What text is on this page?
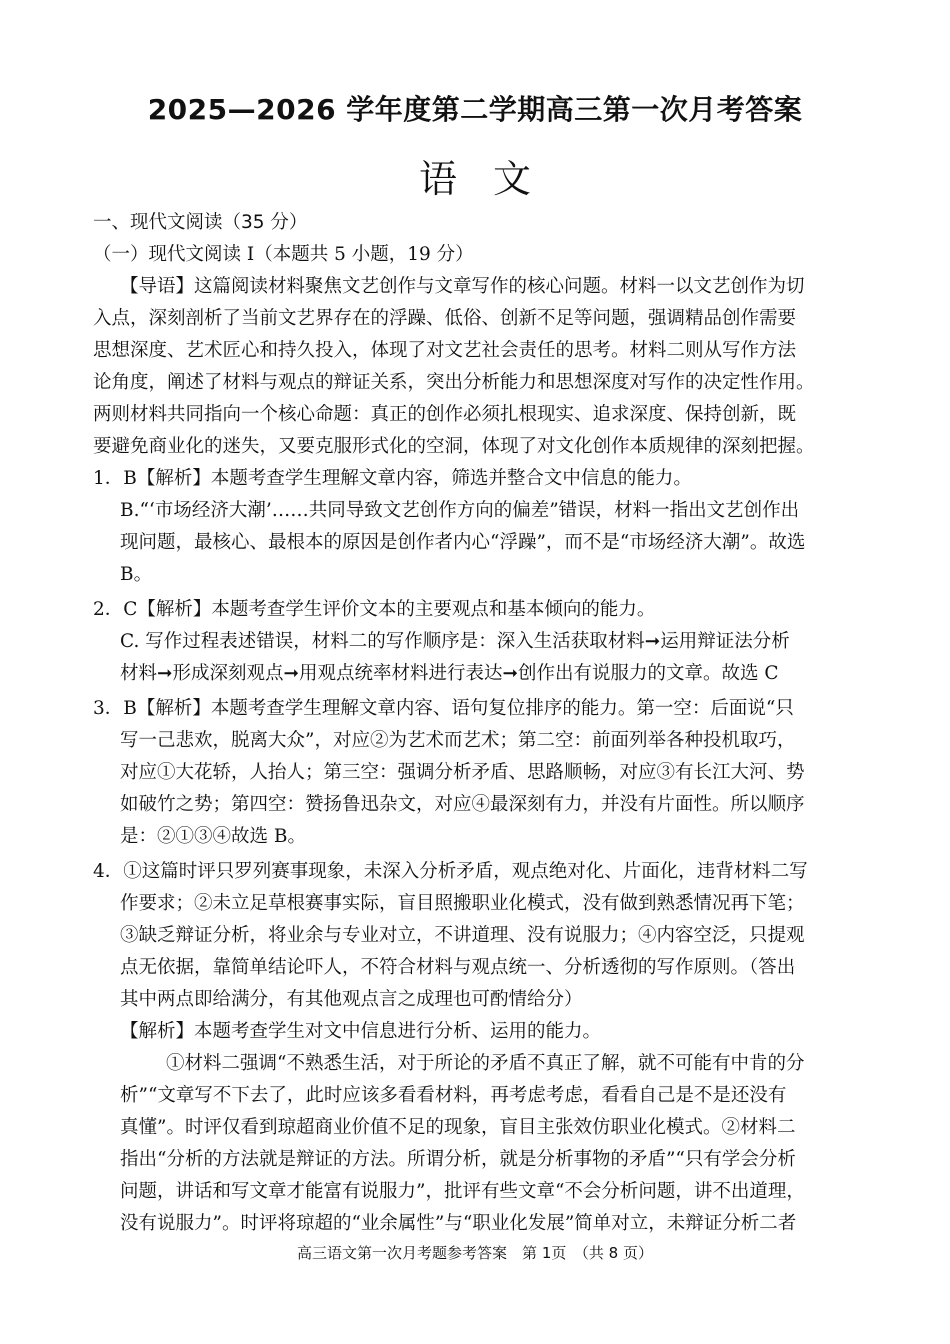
2025—2026 学年度第二学期高三第一次月考答案
语文
一、现代文阅读（35 分）
（一）现代文阅读 I（本题共 5 小题，19 分）
【导语】这篇阅读材料聚焦文艺创作与文章写作的核心问题。材料一以文艺创作为切
入点，深刻剖析了当前文艺界存在的浮躁、低俗、创新不足等问题，强调精品创作需要
思想深度、艺术匠心和持久投入，体现了对文艺社会责任的思考。材料二则从写作方法
论角度，阐述了材料与观点的辩证关系，突出分析能力和思想深度对写作的决定性作用。
两则材料共同指向一个核心命题：真正的创作必须扎根现实、追求深度、保持创新，既
要避免商业化的迷失，又要克服形式化的空洞，体现了对文化创作本质规律的深刻把握。
1．B【解析】本题考查学生理解文章内容，筛选并整合文中信息的能力。
B.“‘市场经济大潮’……共同导致文艺创作方向的偏差”错误，材料一指出文艺创作出
现问题，最核心、最根本的原因是创作者内心“浮躁”，而不是“市场经济大潮”。故选
B。
2．C【解析】本题考查学生评价文本的主要观点和基本倾向的能力。
C. 写作过程表述错误，材料二的写作顺序是：深入生活获取材料➞运用辩证法分析
材料➞形成深刻观点➞用观点统率材料进行表达➞创作出有说服力的文章。故选 C
3．B【解析】本题考查学生理解文章内容、语句复位排序的能力。第一空：后面说“只
写一己悲欢，脱离大众”，对应②为艺术而艺术；第二空：前面列举各种投机取巧，
对应①大花轿，人抬人；第三空：强调分析矛盾、思路顺畅，对应③有长江大河、势
如破竹之势；第四空：赞扬鲁迅杂文，对应④最深刻有力，并没有片面性。所以顺序
是：②①③④故选 B。
4．①这篇时评只罗列赛事现象，未深入分析矛盾，观点绝对化、片面化，违背材料二写
作要求；②未立足草根赛事实际，盲目照搬职业化模式，没有做到熟悉情况再下笔；
③缺乏辩证分析，将业余与专业对立，不讲道理、没有说服力；④内容空泛，只提观
点无依据，靠简单结论吓人，不符合材料与观点统一、分析透彻的写作原则。（答出
其中两点即给满分，有其他观点言之成理也可酌情给分）
【解析】本题考查学生对文中信息进行分析、运用的能力。
①材料二强调“不熟悉生活，对于所论的矛盾不真正了解，就不可能有中肯的分
析”“文章写不下去了，此时应该多看看材料，再考虑考虑，看看自己是不是还没有
真懂”。时评仅看到琼超商业价值不足的现象，盲目主张效仿职业化模式。②材料二
指出“分析的方法就是辩证的方法。所谓分析，就是分析事物的矛盾”“只有学会分析
问题，讲话和写文章才能富有说服力”，批评有些文章“不会分析问题，讲不出道理，
没有说服力”。时评将琼超的“业余属性”与“职业化发展”简单对立，未辩证分析二者
高三语文第一次月考题参考答案　第 1页　（共 8 页）
